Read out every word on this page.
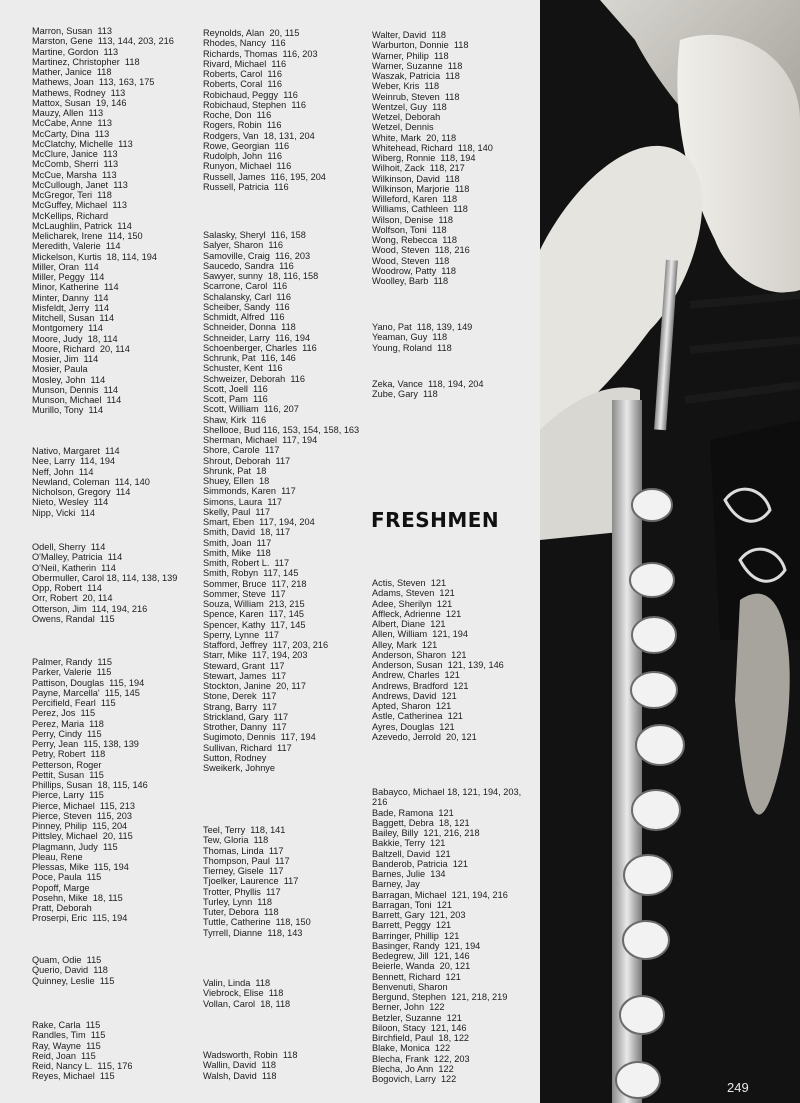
Marron, Susan  113
Marston, Gene  113, 144, 203, 216
Martine, Gordon  113
Martinez, Christopher  118
Mather, Janice  118
Mathews, Joan  113, 163, 175
Mathews, Rodney  113
Mattox, Susan  19, 146
Mauzy, Allen  113
McCabe, Anne  113
McCarty, Dina  113
McClatchy, Michelle  113
McClure, Janice  113
McComb, Sherri  113
McCue, Marsha  113
McCullough, Janet  113
McGregor, Teri  118
McGuffey, Michael  113
McKellips, Richard
McLaughlin, Patrick  114
Melicharek, Irene  114, 150
Meredith, Valerie  114
Mickelson, Kurtis  18, 114, 194
Miller, Oran  114
Miller, Peggy  114
Minor, Katherine  114
Minter, Danny  114
Misfeldt, Jerry  114
Mitchell, Susan  114
Montgomery  114
Moore, Judy  18, 114
Moore, Richard  20, 114
Mosier, Jim  114
Mosier, Paula
Mosley, John  114
Munson, Dennis  114
Munson, Michael  114
Murillo, Tony  114
Nativo, Margaret  114
Nee, Larry  114, 194
Neff, John  114
Newland, Coleman  114, 140
Nicholson, Gregory  114
Nieto, Wesley  114
Nipp, Vicki  114
Odell, Sherry  114
O'Malley, Patricia  114
O'Neil, Katherin  114
Obermuller, Carol 18, 114, 138, 139
Opp, Robert  114
Orr, Robert  20, 114
Otterson, Jim  114, 194, 216
Owens, Randal  115
Palmer, Randy  115
Parker, Valerie  115
Pattison, Douglas  115, 194
Payne, Marcella'  115, 145
Percifield, Fearl  115
Perez, Jos  115
Perez, Maria  118
Perry, Cindy  115
Perry, Jean  115, 138, 139
Petry, Robert  118
Petterson, Roger
Pettit, Susan  115
Phillips, Susan  18, 115, 146
Pierce, Larry  115
Pierce, Michael  115, 213
Pierce, Steven  115, 203
Pinney, Philip  115, 204
Pittsley, Michael  20, 115
Plagmann, Judy  115
Pleau, Rene
Plessas, Mike  115, 194
Poce, Paula  115
Popoff, Marge
Posehn, Mike  18, 115
Pratt, Deborah
Proserpi, Eric  115, 194
Quam, Odie  115
Querio, David  118
Quinney, Leslie  115
Rake, Carla  115
Randles, Tim  115
Ray, Wayne  115
Reid, Joan  115
Reid, Nancy L.  115, 176
Reyes, Michael  115
Reynolds, Alan  20, 115
Rhodes, Nancy  116
Richards, Thomas  116, 203
Rivard, Michael  116
Roberts, Carol  116
Roberts, Coral  116
Robichaud, Peggy  116
Robichaud, Stephen  116
Roche, Don  116
Rogers, Robin  116
Rodgers, Van  18, 131, 204
Rowe, Georgian  116
Rudolph, John  116
Runyon, Michael  116
Russell, James  116, 195, 204
Russell, Patricia  116
Salasky, Sheryl  116, 158
Salyer, Sharon  116
Samoville, Craig  116, 203
Saucedo, Sandra  116
Sawyer, sunny  18, 116, 158
Scarrone, Carol  116
Schalansky, Carl  116
Scheiber, Sandy  116
Schmidt, Alfred  116
Schneider, Donna  118
Schneider, Larry  116, 194
Schoenberger, Charles  116
Schrunk, Pat  116, 146
Schuster, Kent  116
Schweizer, Deborah  116
Scott, Joell  116
Scott, Pam  116
Scott, William  116, 207
Shaw, Kirk  116
Shellooe, Bud 116, 153, 154, 158, 163
Sherman, Michael  117, 194
Shore, Carole  117
Shrout, Deborah  117
Shrunk, Pat  18
Shuey, Ellen  18
Simmonds, Karen  117
Simons, Laura  117
Skelly, Paul  117
Smart, Eben  117, 194, 204
Smith, David  18, 117
Smith, Joan  117
Smith, Mike  118
Smith, Robert L.  117
Smith, Robyn  117, 145
Sommer, Bruce  117, 218
Sommer, Steve  117
Souza, William  213, 215
Spence, Karen  117, 145
Spencer, Kathy  117, 145
Sperry, Lynne  117
Stafford, Jeffrey  117, 203, 216
Starr, Mike  117, 194, 203
Steward, Grant  117
Stewart, James  117
Stockton, Janine  20, 117
Stone, Derek  117
Strang, Barry  117
Strickland, Gary  117
Strother, Danny  117
Sugimoto, Dennis  117, 194
Sullivan, Richard  117
Sutton, Rodney
Sweikerk, Johnye
Teel, Terry  118, 141
Tew, Gloria  118
Thomas, Linda  117
Thompson, Paul  117
Tierney, Gisele  117
Tjoelker, Laurence  117
Trotter, Phyllis  117
Turley, Lynn  118
Tuter, Debora  118
Tuttle, Catherine  118, 150
Tyrrell, Dianne  118, 143
Valin, Linda  118
Viebrock, Elise  118
Vollan, Carol  18, 118
Wadsworth, Robin  118
Wallin, David  118
Walsh, David  118
Walter, David  118
Warburton, Donnie  118
Warner, Philip  118
Warner, Suzanne  118
Waszak, Patricia  118
Weber, Kris  118
Weinrub, Steven  118
Wentzel, Guy  118
Wetzel, Deborah
Wetzel, Dennis
White, Mark  20, 118
Whitehead, Richard  118, 140
Wiberg, Ronnie  118, 194
Wilhoit, Zack  118, 217
Wilkinson, David  118
Wilkinson, Marjorie  118
Willeford, Karen  118
Williams, Cathleen  118
Wilson, Denise  118
Wolfson, Toni  118
Wong, Rebecca  118
Wood, Steven  118, 216
Wood, Steven  118
Woodrow, Patty  118
Woolley, Barb  118
Yano, Pat  118, 139, 149
Yeaman, Guy  118
Young, Roland  118
Zeka, Vance  118, 194, 204
Zube, Gary  118
Actis, Steven  121
Adams, Steven  121
Adee, Sherilyn  121
Affleck, Adrienne  121
Albert, Diane  121
Allen, William  121, 194
Alley, Mark  121
Anderson, Sharon  121
Anderson, Susan  121, 139, 146
Andrew, Charles  121
Andrews, Bradford  121
Andrews, David  121
Apted, Sharon  121
Astle, Catherinea  121
Ayres, Douglas  121
Azevedo, Jerrold  20, 121
Babayco, Michael 18, 121, 194, 203, 216
Bade, Ramona  121
Baggett, Debra  18, 121
Bailey, Billy  121, 216, 218
Bakkie, Terry  121
Baltzell, David  121
Banderob, Patricia  121
Barnes, Julie  134
Barney, Jay
Barragan, Michael  121, 194, 216
Barragan, Toni  121
Barrett, Gary  121, 203
Barrett, Peggy  121
Barringer, Phillip  121
Basinger, Randy  121, 194
Bedegrew, Jill  121, 146
Beierle, Wanda  20, 121
Bennett, Richard  121
Benvenuti, Sharon
Bergund, Stephen  121, 218, 219
Berner, John  122
Betzler, Suzanne  121
Biloon, Stacy  121, 146
Birchfield, Paul  18, 122
Blake, Monica  122
Blecha, Frank  122, 203
Blecha, Jo Ann  122
Bogovich, Larry  122
FRESHMEN
249
